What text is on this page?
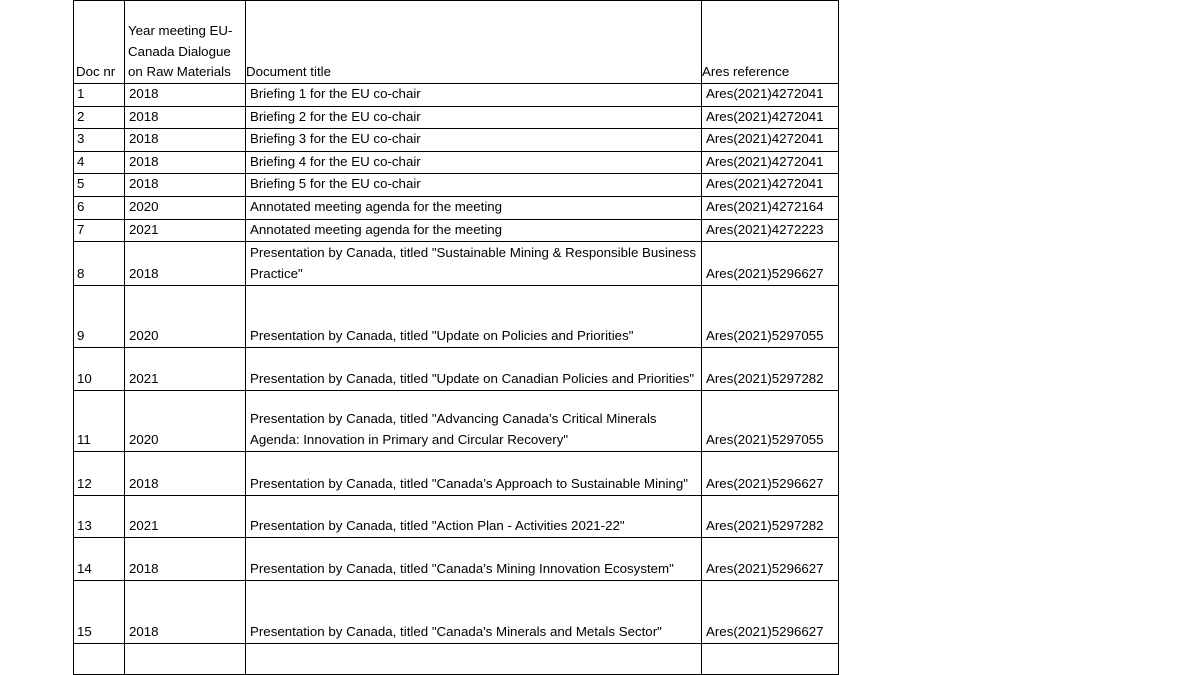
Doc nr	Year meeting EU-Canada Dialogue on Raw Materials	Document title	Ares reference

1	2018	Briefing 1 for the EU co-chair	Ares(2021)4272041

2	2018	Briefing 2 for the EU co-chair	Ares(2021)4272041

3	2018	Briefing 3 for the EU co-chair	Ares(2021)4272041

4	2018	Briefing 4 for the EU co-chair	Ares(2021)4272041

5	2018	Briefing 5 for the EU co-chair	Ares(2021)4272041

6	2020	Annotated meeting agenda for the meeting	Ares(2021)4272164

7	2021	Annotated meeting agenda for the meeting	Ares(2021)4272223

8	2018	Presentation by Canada, titled "Sustainable Mining & Responsible Business Practice"	Ares(2021)5296627

9	2020	Presentation by Canada, titled "Update on Policies and Priorities"	Ares(2021)5297055

10	2021	Presentation by Canada, titled "Update on Canadian Policies and Priorities"	Ares(2021)5297282

11	2020	Presentation by Canada, titled "Advancing Canada’s Critical Minerals Agenda: Innovation in Primary and Circular Recovery"	Ares(2021)5297055

12	2018	Presentation by Canada, titled "Canada’s Approach to Sustainable Mining"	Ares(2021)5296627

13	2021	Presentation by Canada, titled "Action Plan - Activities 2021-22"	Ares(2021)5297282

14	2018	Presentation by Canada, titled "Canada’s Mining Innovation Ecosystem"	Ares(2021)5296627

15	2018	Presentation by Canada, titled "Canada's Minerals and Metals Sector"	Ares(2021)5296627
